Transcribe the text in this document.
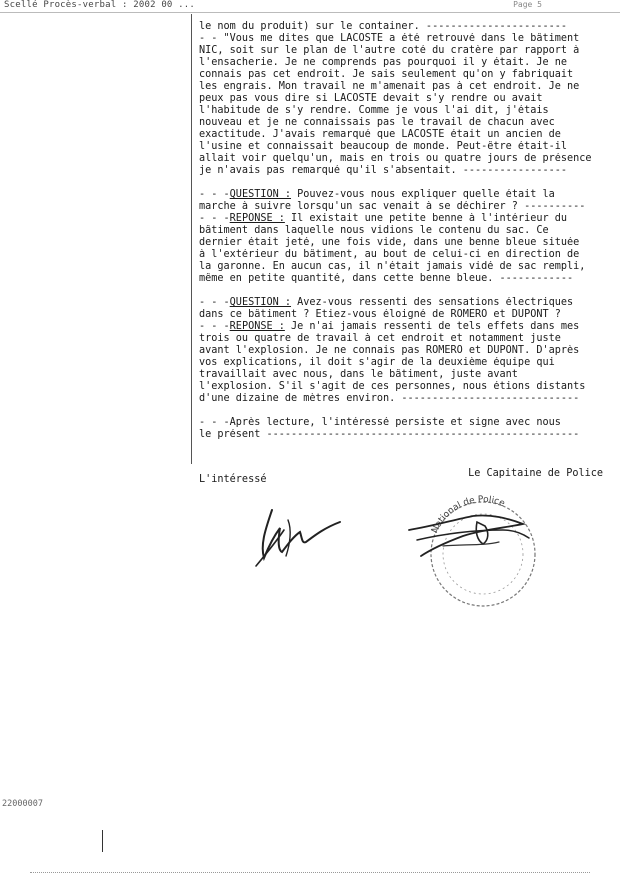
Scellé Procès-verbal : 2002 00 ...	Page 5

le nom du produit) sur le container. -----------------------

- - "Vous me dites que LACOSTE a été retrouvé dans le bâtiment

NIC, soit sur le plan de l'autre coté du cratère par rapport à

l'ensacherie. Je ne comprends pas pourquoi il y était. Je ne

connais pas cet endroit. Je sais seulement qu'on y fabriquait

les engrais. Mon travail ne m'amenait pas à cet endroit. Je ne

peux pas vous dire si LACOSTE devait s'y rendre ou avait

l'habitude de s'y rendre. Comme je vous l'ai dit, j'étais

nouveau et je ne connaissais pas le travail de chacun avec

exactitude. J'avais remarqué que LACOSTE était un ancien de

l'usine et connaissait beaucoup de monde. Peut-être était-il

allait voir quelqu'un, mais en trois ou quatre jours de présence

je n'avais pas remarqué qu'il s'absentait. -----------------

- - -QUESTION : Pouvez-vous nous expliquer quelle était la

marche à suivre lorsqu'un sac venait à se déchirer ? ----------

- - -REPONSE : Il existait une petite benne à l'intérieur du

bâtiment dans laquelle nous vidions le contenu du sac. Ce

dernier était jeté, une fois vide, dans une benne bleue située

à l'extérieur du bâtiment, au bout de celui-ci en direction de

la garonne. En aucun cas, il n'était jamais vidé de sac rempli,

même en petite quantité, dans cette benne bleue. ------------

- - -QUESTION : Avez-vous ressenti des sensations électriques

dans ce bâtiment ? Etiez-vous éloigné de ROMERO et DUPONT ?

- - -REPONSE : Je n'ai jamais ressenti de tels effets dans mes

trois ou quatre de travail à cet endroit et notamment juste

avant l'explosion. Je ne connais pas ROMERO et DUPONT. D'après

vos explications, il doit s'agir de la deuxième équipe qui

travaillait avec nous, dans le bâtiment, juste avant

l'explosion. S'il s'agit de ces personnes, nous étions distants

d'une dizaine de mètres environ. -----------------------------

- - -Après lecture, l'intéressé persiste et signe avec nous

le présent ---------------------------------------------------

L'intéressé
Le Capitaine de Police
National de Police
22000007
